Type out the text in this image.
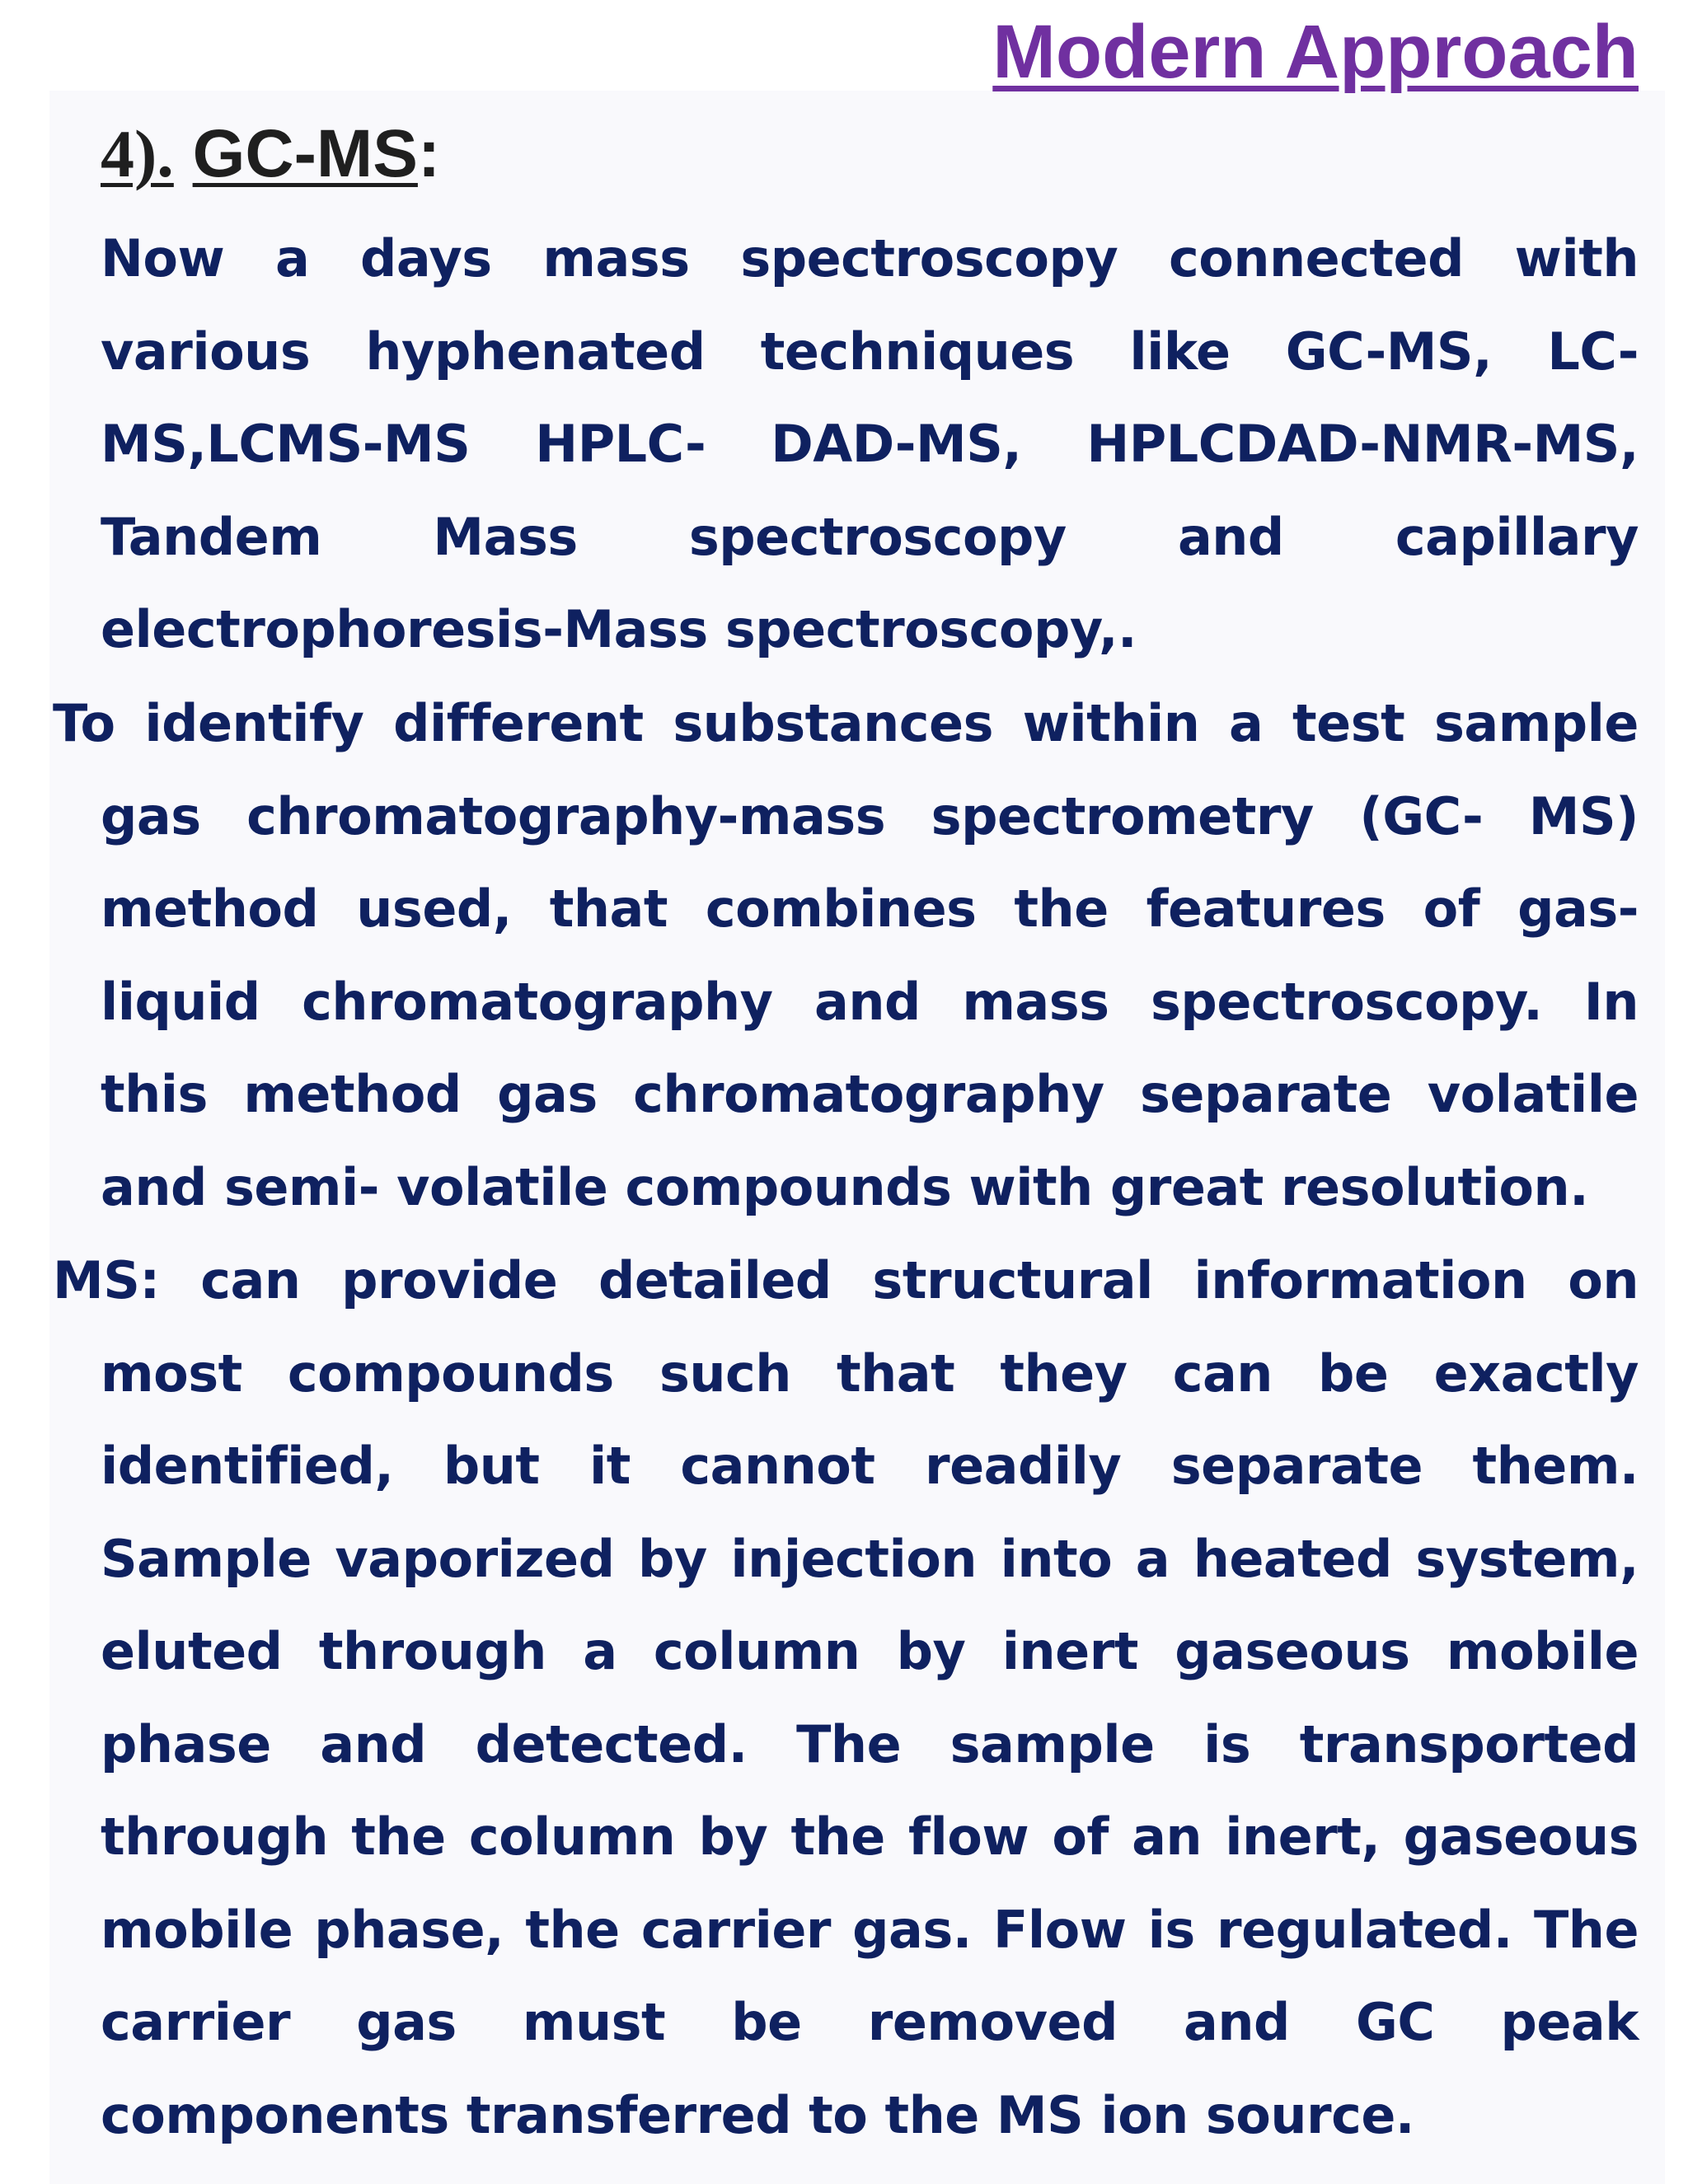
Modern Approach
4). GC-MS:

Now a days mass spectroscopy connected with various hyphenated techniques like GC-MS, LC-MS,LCMS-MS HPLC- DAD-MS, HPLCDAD-NMR-MS, Tandem Mass spectroscopy and capillary electrophoresis-Mass spectroscopy,.

To identify different substances within a test sample gas chromatography-mass spectrometry (GC- MS) method used, that combines the features of gas- liquid chromatography and mass spectroscopy. In this method gas chromatography separate volatile and semi- volatile compounds with great resolution.

MS: can provide detailed structural information on most compounds such that they can be exactly identified, but it cannot readily separate them. Sample vaporized by injection into a heated system, eluted through a column by inert gaseous mobile phase and detected. The sample is transported through the column by the flow of an inert, gaseous mobile phase, the carrier gas. Flow is regulated. The carrier gas must be removed and GC peak components transferred to the MS ion source.
